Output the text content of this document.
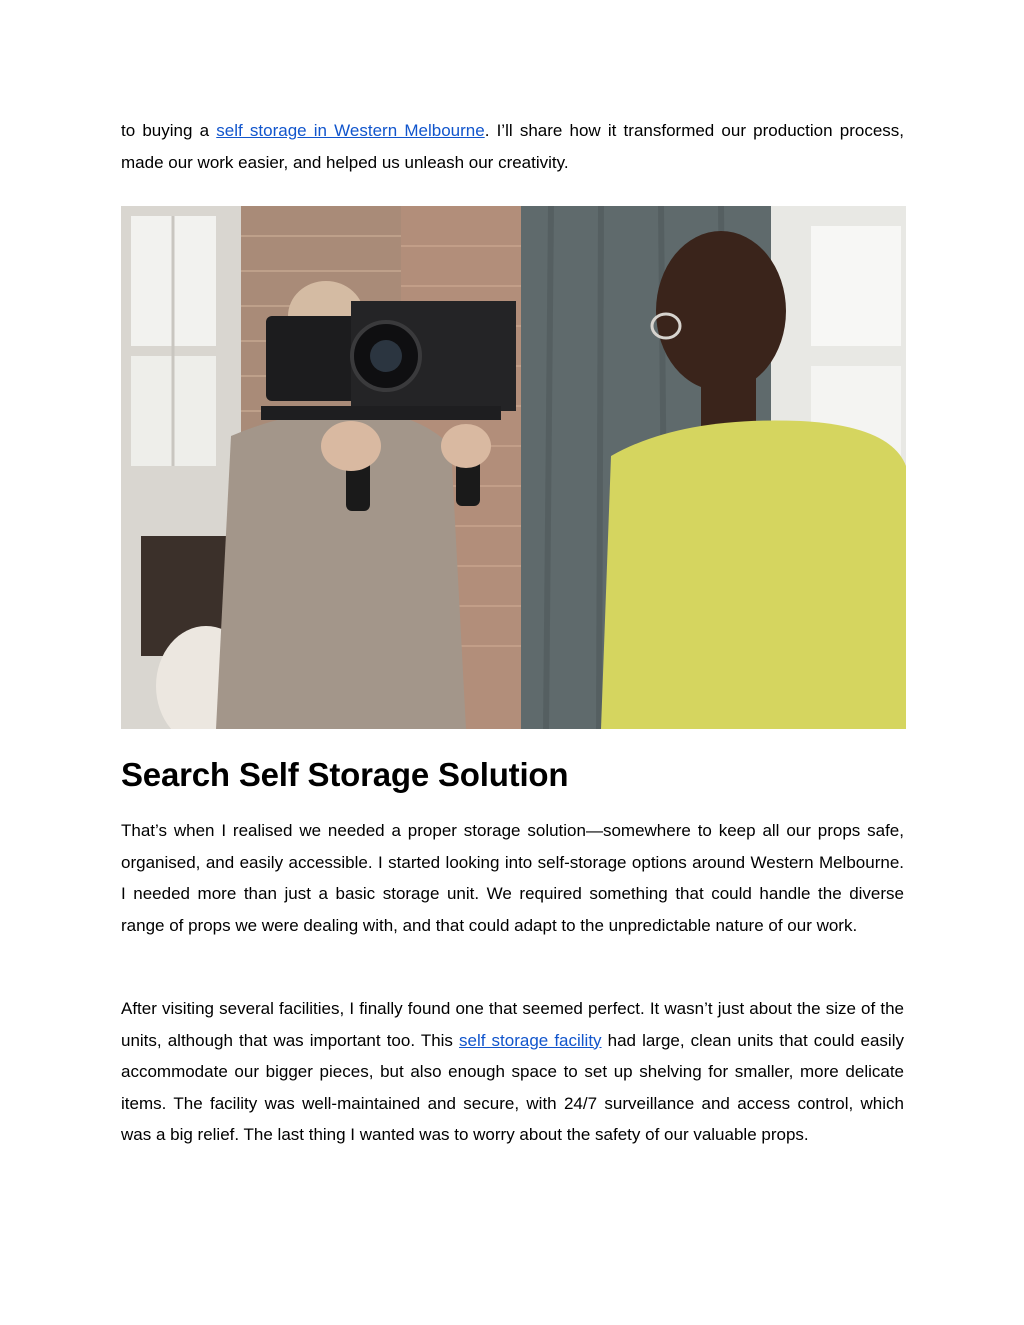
to buying a self storage in Western Melbourne. I’ll share how it transformed our production process, made our work easier, and helped us unleash our creativity.

Search Self Storage Solution

That’s when I realised we needed a proper storage solution—somewhere to keep all our props safe, organised, and easily accessible. I started looking into self-storage options around Western Melbourne. I needed more than just a basic storage unit. We required something that could handle the diverse range of props we were dealing with, and that could adapt to the unpredictable nature of our work.

After visiting several facilities, I finally found one that seemed perfect. It wasn’t just about the size of the units, although that was important too. This self storage facility had large, clean units that could easily accommodate our bigger pieces, but also enough space to set up shelving for smaller, more delicate items. The facility was well-maintained and secure, with 24/7 surveillance and access control, which was a big relief. The last thing I wanted was to worry about the safety of our valuable props.
